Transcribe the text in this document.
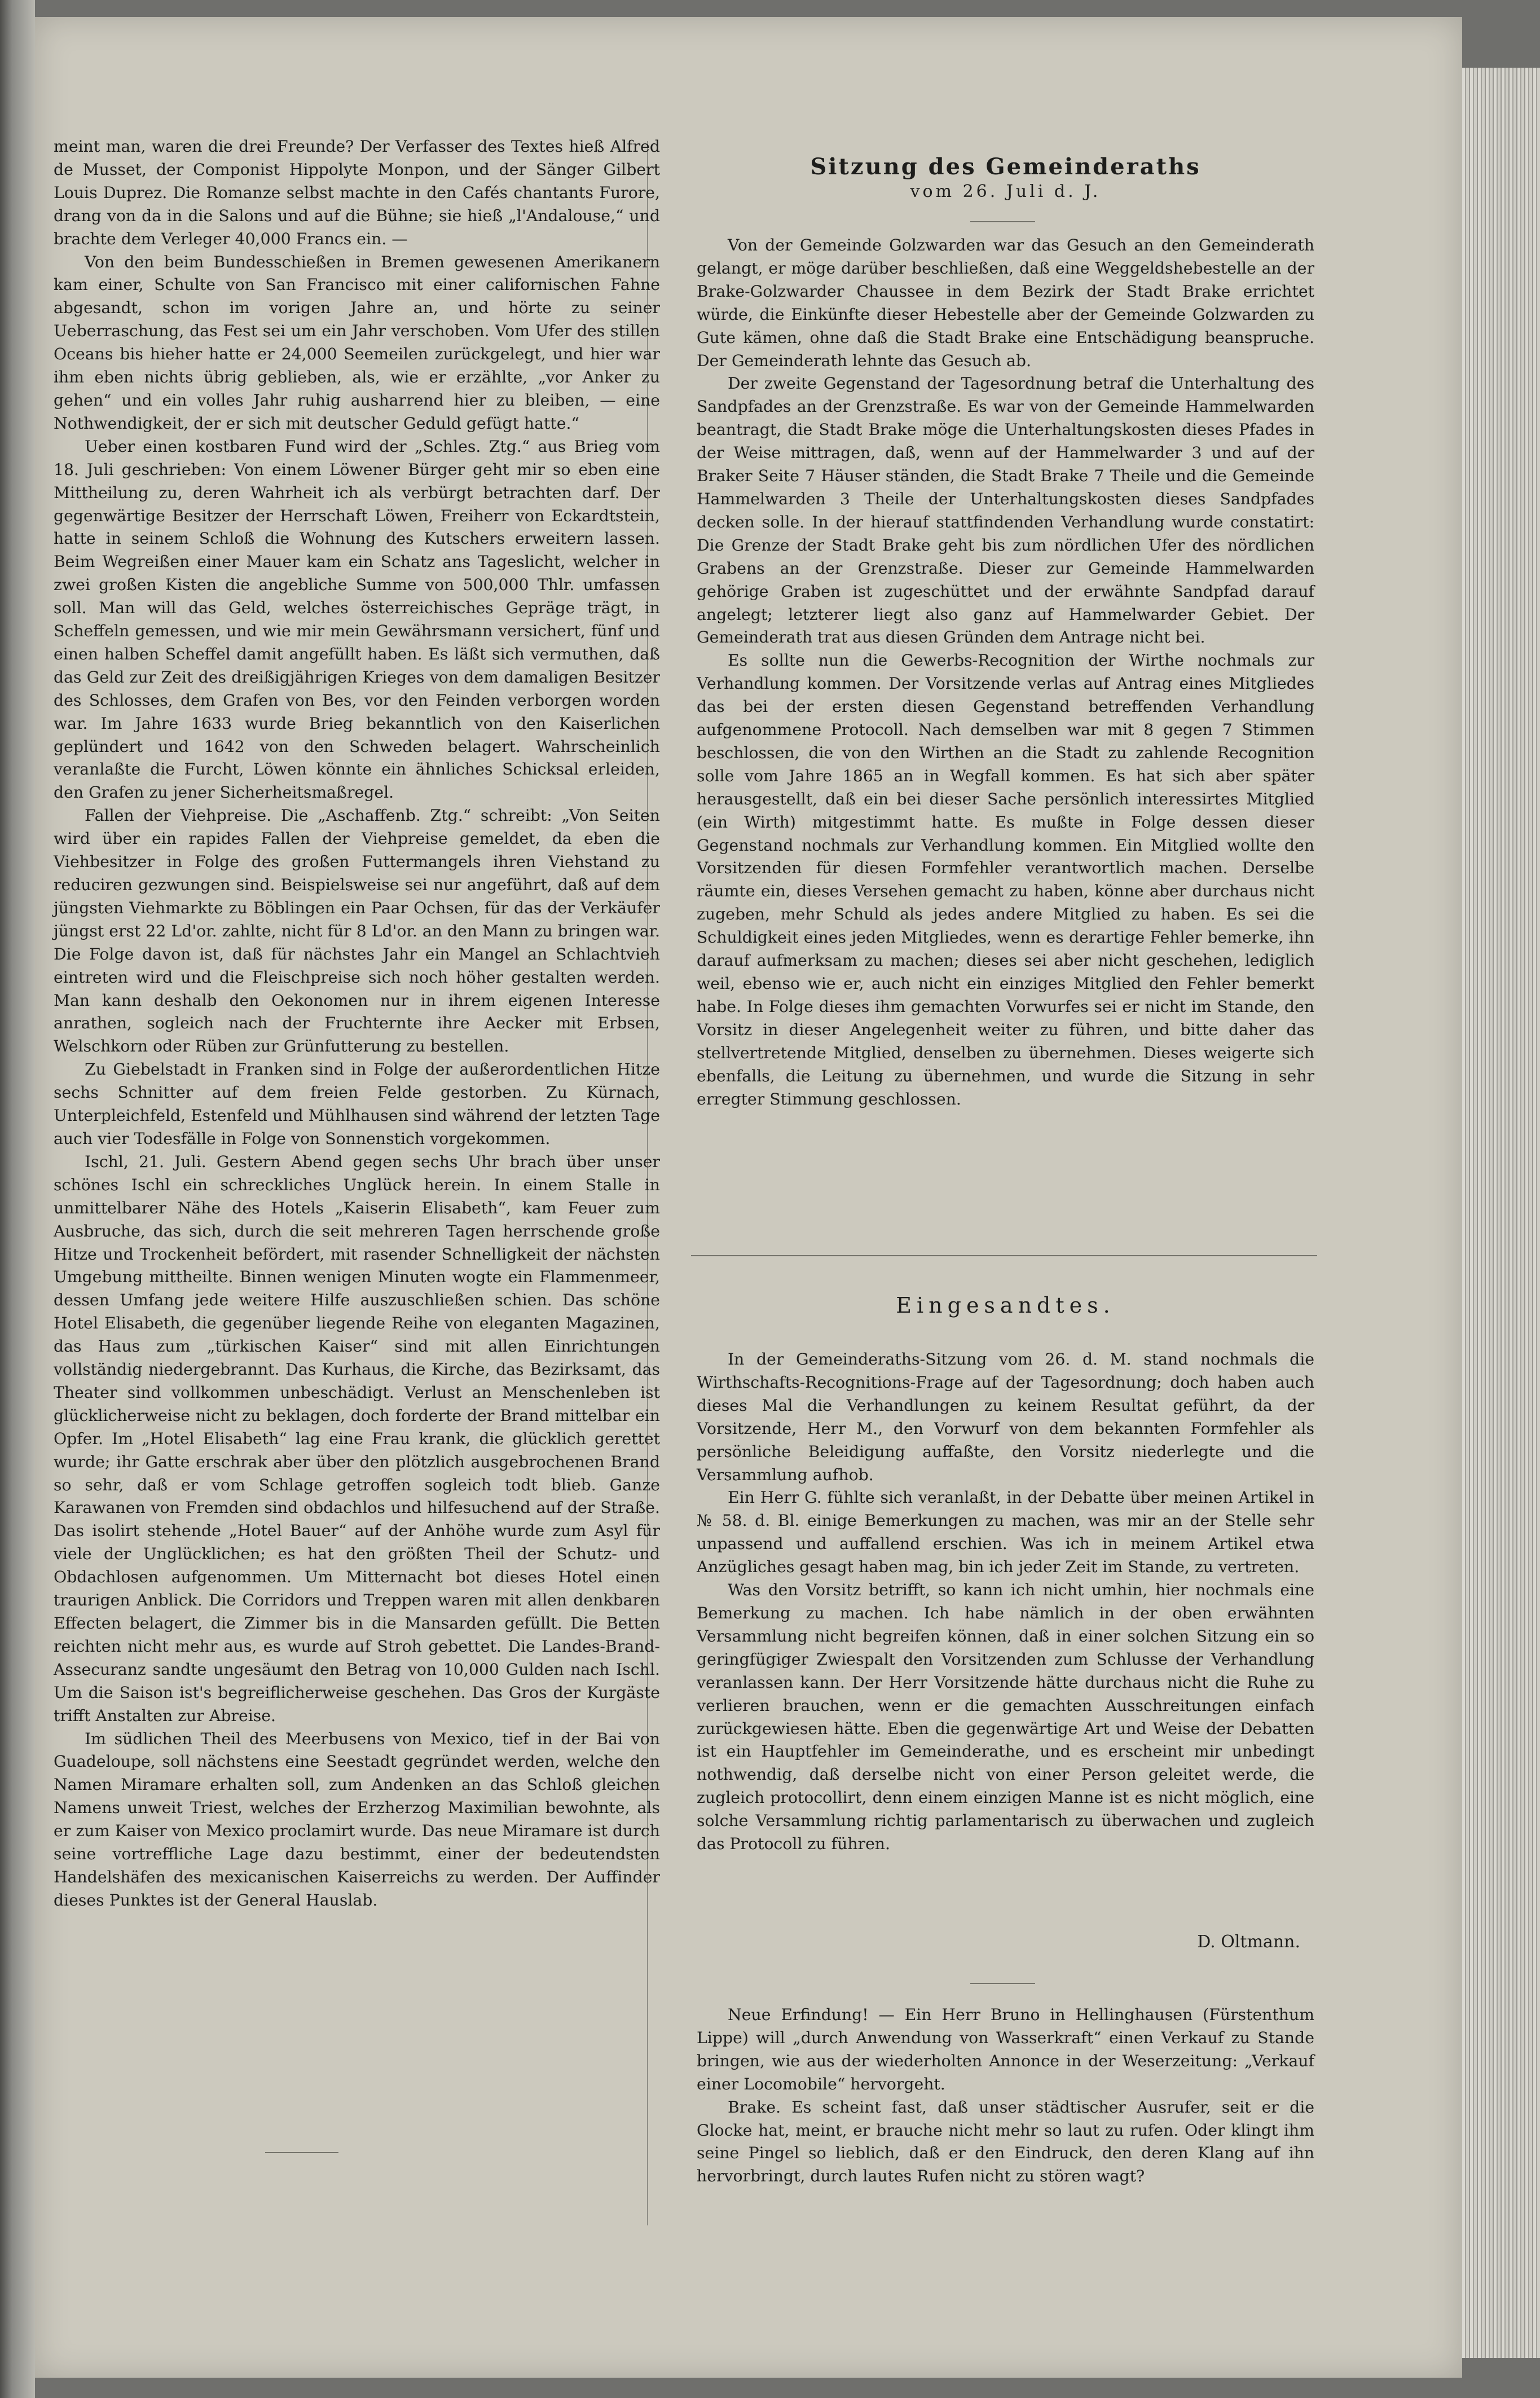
meint man, waren die drei Freunde? Der Verfasser des Textes hieß Alfred de Musset, der Componist Hippolyte Monpon, und der Sänger Gilbert Louis Duprez. Die Romanze selbst machte in den Cafés chantants Furore, drang von da in die Salons und auf die Bühne; sie hieß „l'Andalouse,“ und brachte dem Verleger 40,000 Francs ein. —

Von den beim Bundesschießen in Bremen gewesenen Amerikanern kam einer, Schulte von San Francisco mit einer californischen Fahne abgesandt, schon im vorigen Jahre an, und hörte zu seiner Ueberraschung, das Fest sei um ein Jahr verschoben. Vom Ufer des stillen Oceans bis hieher hatte er 24,000 Seemeilen zurückgelegt, und hier war ihm eben nichts übrig geblieben, als, wie er erzählte, „vor Anker zu gehen“ und ein volles Jahr ruhig ausharrend hier zu bleiben, — eine Nothwendigkeit, der er sich mit deutscher Geduld gefügt hatte.“

Ueber einen kostbaren Fund wird der „Schles. Ztg.“ aus Brieg vom 18. Juli geschrieben: Von einem Löwener Bürger geht mir so eben eine Mittheilung zu, deren Wahrheit ich als verbürgt betrachten darf. Der gegenwärtige Besitzer der Herrschaft Löwen, Freiherr von Eckardtstein, hatte in seinem Schloß die Wohnung des Kutschers erweitern lassen. Beim Wegreißen einer Mauer kam ein Schatz ans Tageslicht, welcher in zwei großen Kisten die angebliche Summe von 500,000 Thlr. umfassen soll. Man will das Geld, welches österreichisches Gepräge trägt, in Scheffeln gemessen, und wie mir mein Gewährsmann versichert, fünf und einen halben Scheffel damit angefüllt haben. Es läßt sich vermuthen, daß das Geld zur Zeit des dreißigjährigen Krieges von dem damaligen Besitzer des Schlosses, dem Grafen von Bes, vor den Feinden verborgen worden war. Im Jahre 1633 wurde Brieg bekanntlich von den Kaiserlichen geplündert und 1642 von den Schweden belagert. Wahrscheinlich veranlaßte die Furcht, Löwen könnte ein ähnliches Schicksal erleiden, den Grafen zu jener Sicherheitsmaßregel.

Fallen der Viehpreise. Die „Aschaffenb. Ztg.“ schreibt: „Von Seiten wird über ein rapides Fallen der Viehpreise gemeldet, da eben die Viehbesitzer in Folge des großen Futtermangels ihren Viehstand zu reduciren gezwungen sind. Beispielsweise sei nur angeführt, daß auf dem jüngsten Viehmarkte zu Böblingen ein Paar Ochsen, für das der Verkäufer jüngst erst 22 Ld'or. zahlte, nicht für 8 Ld'or. an den Mann zu bringen war. Die Folge davon ist, daß für nächstes Jahr ein Mangel an Schlachtvieh eintreten wird und die Fleischpreise sich noch höher gestalten werden. Man kann deshalb den Oekonomen nur in ihrem eigenen Interesse anrathen, sogleich nach der Fruchternte ihre Aecker mit Erbsen, Welschkorn oder Rüben zur Grünfutterung zu bestellen.

Zu Giebelstadt in Franken sind in Folge der außerordentlichen Hitze sechs Schnitter auf dem freien Felde gestorben. Zu Kürnach, Unterpleichfeld, Estenfeld und Mühlhausen sind während der letzten Tage auch vier Todesfälle in Folge von Sonnenstich vorgekommen.

Ischl, 21. Juli. Gestern Abend gegen sechs Uhr brach über unser schönes Ischl ein schreckliches Unglück herein. In einem Stalle in unmittelbarer Nähe des Hotels „Kaiserin Elisabeth“, kam Feuer zum Ausbruche, das sich, durch die seit mehreren Tagen herrschende große Hitze und Trockenheit befördert, mit rasender Schnelligkeit der nächsten Umgebung mittheilte. Binnen wenigen Minuten wogte ein Flammenmeer, dessen Umfang jede weitere Hilfe auszuschließen schien. Das schöne Hotel Elisabeth, die gegenüber liegende Reihe von eleganten Magazinen, das Haus zum „türkischen Kaiser“ sind mit allen Einrichtungen vollständig niedergebrannt. Das Kurhaus, die Kirche, das Bezirksamt, das Theater sind vollkommen unbeschädigt. Verlust an Menschenleben ist glücklicherweise nicht zu beklagen, doch forderte der Brand mittelbar ein Opfer. Im „Hotel Elisabeth“ lag eine Frau krank, die glücklich gerettet wurde; ihr Gatte erschrak aber über den plötzlich ausgebrochenen Brand so sehr, daß er vom Schlage getroffen sogleich todt blieb. Ganze Karawanen von Fremden sind obdachlos und hilfesuchend auf der Straße. Das isolirt stehende „Hotel Bauer“ auf der Anhöhe wurde zum Asyl für viele der Unglücklichen; es hat den größten Theil der Schutz- und Obdachlosen aufgenommen. Um Mitternacht bot dieses Hotel einen traurigen Anblick. Die Corridors und Treppen waren mit allen denkbaren Effecten belagert, die Zimmer bis in die Mansarden gefüllt. Die Betten reichten nicht mehr aus, es wurde auf Stroh gebettet. Die Landes-Brand-Assecuranz sandte ungesäumt den Betrag von 10,000 Gulden nach Ischl. Um die Saison ist's begreiflicherweise geschehen. Das Gros der Kurgäste trifft Anstalten zur Abreise.

Im südlichen Theil des Meerbusens von Mexico, tief in der Bai von Guadeloupe, soll nächstens eine Seestadt gegründet werden, welche den Namen Miramare erhalten soll, zum Andenken an das Schloß gleichen Namens unweit Triest, welches der Erzherzog Maximilian bewohnte, als er zum Kaiser von Mexico proclamirt wurde. Das neue Miramare ist durch seine vortreffliche Lage dazu bestimmt, einer der bedeutendsten Handelshäfen des mexicanischen Kaiserreichs zu werden. Der Auffinder dieses Punktes ist der General Hauslab.

Sitzung des Gemeinderaths
vom 26. Juli d. J.

Von der Gemeinde Golzwarden war das Gesuch an den Gemeinderath gelangt, er möge darüber beschließen, daß eine Weggeldshebestelle an der Brake-Golzwarder Chaussee in dem Bezirk der Stadt Brake errichtet würde, die Einkünfte dieser Hebestelle aber der Gemeinde Golzwarden zu Gute kämen, ohne daß die Stadt Brake eine Entschädigung beanspruche. Der Gemeinderath lehnte das Gesuch ab.

Der zweite Gegenstand der Tagesordnung betraf die Unterhaltung des Sandpfades an der Grenzstraße. Es war von der Gemeinde Hammelwarden beantragt, die Stadt Brake möge die Unterhaltungskosten dieses Pfades in der Weise mittragen, daß, wenn auf der Hammelwarder 3 und auf der Braker Seite 7 Häuser ständen, die Stadt Brake 7 Theile und die Gemeinde Hammelwarden 3 Theile der Unterhaltungskosten dieses Sandpfades decken solle. In der hierauf stattfindenden Verhandlung wurde constatirt: Die Grenze der Stadt Brake geht bis zum nördlichen Ufer des nördlichen Grabens an der Grenzstraße. Dieser zur Gemeinde Hammelwarden gehörige Graben ist zugeschüttet und der erwähnte Sandpfad darauf angelegt; letzterer liegt also ganz auf Hammelwarder Gebiet. Der Gemeinderath trat aus diesen Gründen dem Antrage nicht bei.

Es sollte nun die Gewerbs-Recognition der Wirthe nochmals zur Verhandlung kommen. Der Vorsitzende verlas auf Antrag eines Mitgliedes das bei der ersten diesen Gegenstand betreffenden Verhandlung aufgenommene Protocoll. Nach demselben war mit 8 gegen 7 Stimmen beschlossen, die von den Wirthen an die Stadt zu zahlende Recognition solle vom Jahre 1865 an in Wegfall kommen. Es hat sich aber später herausgestellt, daß ein bei dieser Sache persönlich interessirtes Mitglied (ein Wirth) mitgestimmt hatte. Es mußte in Folge dessen dieser Gegenstand nochmals zur Verhandlung kommen. Ein Mitglied wollte den Vorsitzenden für diesen Formfehler verantwortlich machen. Derselbe räumte ein, dieses Versehen gemacht zu haben, könne aber durchaus nicht zugeben, mehr Schuld als jedes andere Mitglied zu haben. Es sei die Schuldigkeit eines jeden Mitgliedes, wenn es derartige Fehler bemerke, ihn darauf aufmerksam zu machen; dieses sei aber nicht geschehen, lediglich weil, ebenso wie er, auch nicht ein einziges Mitglied den Fehler bemerkt habe. In Folge dieses ihm gemachten Vorwurfes sei er nicht im Stande, den Vorsitz in dieser Angelegenheit weiter zu führen, und bitte daher das stellvertretende Mitglied, denselben zu übernehmen. Dieses weigerte sich ebenfalls, die Leitung zu übernehmen, und wurde die Sitzung in sehr erregter Stimmung geschlossen.

Eingesandtes.

In der Gemeinderaths-Sitzung vom 26. d. M. stand nochmals die Wirthschafts-Recognitions-Frage auf der Tagesordnung; doch haben auch dieses Mal die Verhandlungen zu keinem Resultat geführt, da der Vorsitzende, Herr M., den Vorwurf von dem bekannten Formfehler als persönliche Beleidigung auffaßte, den Vorsitz niederlegte und die Versammlung aufhob.

Ein Herr G. fühlte sich veranlaßt, in der Debatte über meinen Artikel in № 58. d. Bl. einige Bemerkungen zu machen, was mir an der Stelle sehr unpassend und auffallend erschien. Was ich in meinem Artikel etwa Anzügliches gesagt haben mag, bin ich jeder Zeit im Stande, zu vertreten.

Was den Vorsitz betrifft, so kann ich nicht umhin, hier nochmals eine Bemerkung zu machen. Ich habe nämlich in der oben erwähnten Versammlung nicht begreifen können, daß in einer solchen Sitzung ein so geringfügiger Zwiespalt den Vorsitzenden zum Schlusse der Verhandlung veranlassen kann. Der Herr Vorsitzende hätte durchaus nicht die Ruhe zu verlieren brauchen, wenn er die gemachten Ausschreitungen einfach zurückgewiesen hätte. Eben die gegenwärtige Art und Weise der Debatten ist ein Hauptfehler im Gemeinderathe, und es erscheint mir unbedingt nothwendig, daß derselbe nicht von einer Person geleitet werde, die zugleich protocollirt, denn einem einzigen Manne ist es nicht möglich, eine solche Versammlung richtig parlamentarisch zu überwachen und zugleich das Protocoll zu führen.

D. Oltmann.

Neue Erfindung! — Ein Herr Bruno in Hellinghausen (Fürstenthum Lippe) will „durch Anwendung von Wasserkraft“ einen Verkauf zu Stande bringen, wie aus der wiederholten Annonce in der Weserzeitung: „Verkauf einer Locomobile“ hervorgeht.

Brake. Es scheint fast, daß unser städtischer Ausrufer, seit er die Glocke hat, meint, er brauche nicht mehr so laut zu rufen. Oder klingt ihm seine Pingel so lieblich, daß er den Eindruck, den deren Klang auf ihn hervorbringt, durch lautes Rufen nicht zu stören wagt?
